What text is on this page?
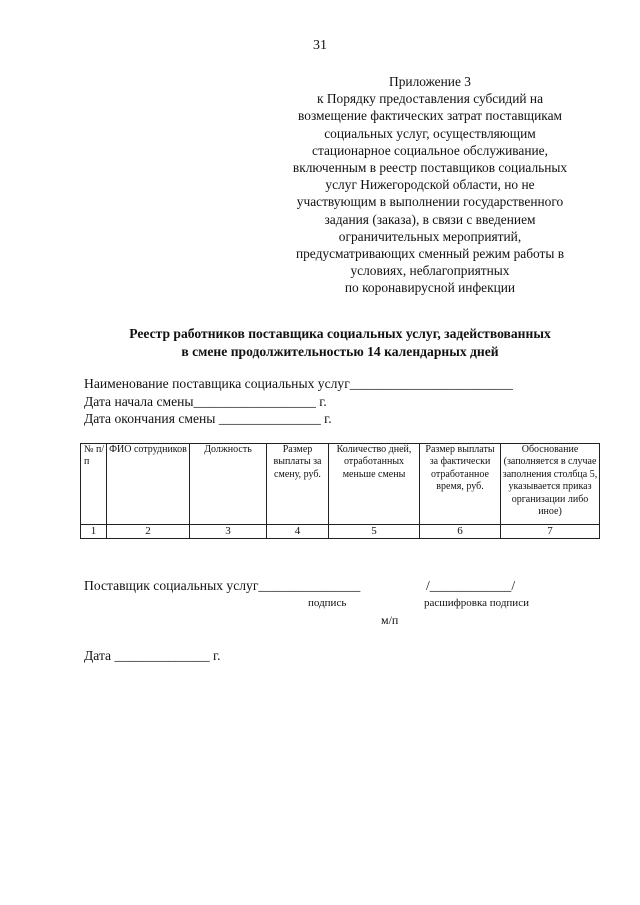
31
Приложение 3
к Порядку предоставления субсидий на
возмещение фактических затрат поставщикам
социальных услуг, осуществляющим
стационарное социальное обслуживание,
включенным в реестр поставщиков социальных
услуг Нижегородской области, но не
участвующим в выполнении государственного
задания (заказа), в связи с введением
ограничительных мероприятий,
предусматривающих сменный режим работы в
условиях, неблагоприятных
по коронавирусной инфекции
Реестр работников поставщика социальных услуг, задействованных
в смене продолжительностью 14 календарных дней
Наименование поставщика социальных услуг________________________
Дата начала смены__________________ г.
Дата окончания смены _______________ г.
№ п/п	ФИО сотрудников	Должность	Размер выплаты за смену, руб.	Количество дней, отработанных меньше смены	Размер выплаты за фактически отработанное время, руб.	Обоснование (заполняется в случае заполнения столбца 5, указывается приказ организации либо иное)
1	2	3	4	5	6	7
Поставщик социальных услуг_______________	/____________/
подпись	расшифровка подписи
м/п
Дата ______________ г.
